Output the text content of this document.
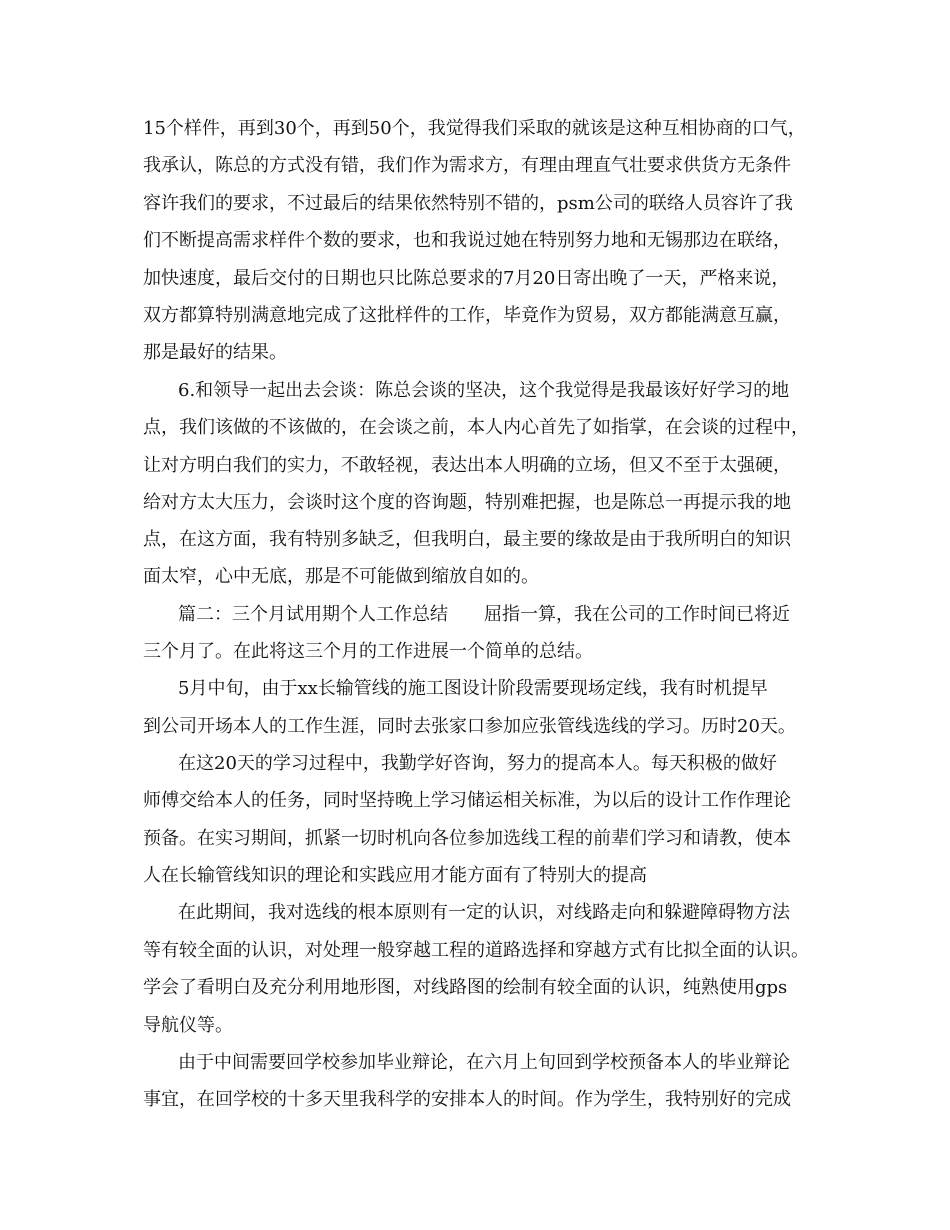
15个样件，再到30个，再到50个，我觉得我们采取的就该是这种互相协商的口气，
我承认，陈总的方式没有错，我们作为需求方，有理由理直气壮要求供货方无条件
容许我们的要求，不过最后的结果依然特别不错的，psm公司的联络人员容许了我
们不断提高需求样件个数的要求，也和我说过她在特别努力地和无锡那边在联络，
加快速度，最后交付的日期也只比陈总要求的7月20日寄出晚了一天，严格来说，
双方都算特别满意地完成了这批样件的工作，毕竟作为贸易，双方都能满意互赢，
那是最好的结果。
6.和领导一起出去会谈：陈总会谈的坚决，这个我觉得是我最该好好学习的地
点，我们该做的不该做的，在会谈之前，本人内心首先了如指掌，在会谈的过程中，
让对方明白我们的实力，不敢轻视，表达出本人明确的立场，但又不至于太强硬，
给对方太大压力，会谈时这个度的咨询题，特别难把握，也是陈总一再提示我的地
点，在这方面，我有特别多缺乏，但我明白，最主要的缘故是由于我所明白的知识
面太窄，心中无底，那是不可能做到缩放自如的。
篇二：三个月试用期个人工作总结　　屈指一算，我在公司的工作时间已将近
三个月了。在此将这三个月的工作进展一个简单的总结。
5月中旬，由于xx长输管线的施工图设计阶段需要现场定线，我有时机提早
到公司开场本人的工作生涯，同时去张家口参加应张管线选线的学习。历时20天。
在这20天的学习过程中，我勤学好咨询，努力的提高本人。每天积极的做好
师傅交给本人的任务，同时坚持晚上学习储运相关标准，为以后的设计工作作理论
预备。在实习期间，抓紧一切时机向各位参加选线工程的前辈们学习和请教，使本
人在长输管线知识的理论和实践应用才能方面有了特别大的提高
在此期间，我对选线的根本原则有一定的认识，对线路走向和躲避障碍物方法
等有较全面的认识，对处理一般穿越工程的道路选择和穿越方式有比拟全面的认识。
学会了看明白及充分利用地形图，对线路图的绘制有较全面的认识，纯熟使用gps
导航仪等。
由于中间需要回学校参加毕业辩论，在六月上旬回到学校预备本人的毕业辩论
事宜，在回学校的十多天里我科学的安排本人的时间。作为学生，我特别好的完成
